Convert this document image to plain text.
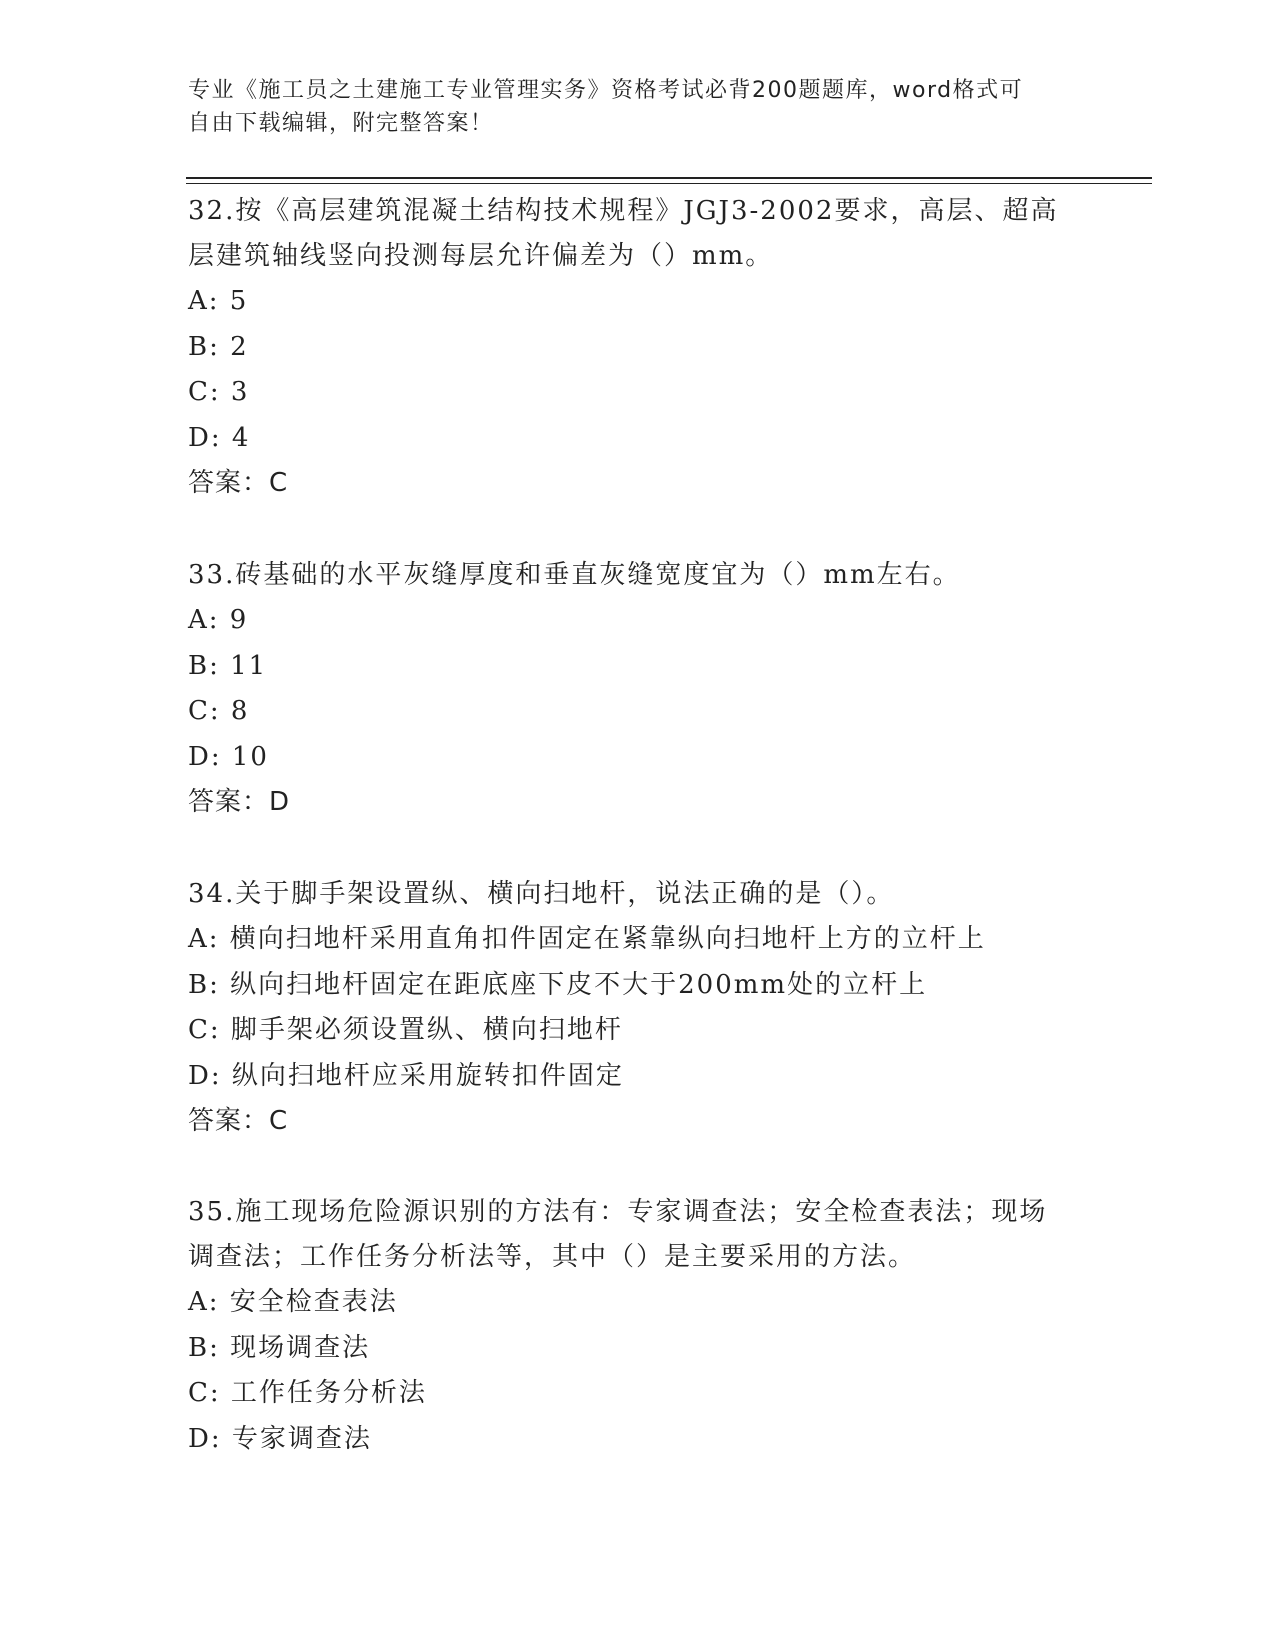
专业《施工员之土建施工专业管理实务》资格考试必背200题题库，word格式可
自由下载编辑，附完整答案！

32.按《高层建筑混凝土结构技术规程》JGJ3-2002要求，高层、超高

层建筑轴线竖向投测每层允许偏差为（）mm。

A: 5

B: 2

C: 3

D: 4

答案：C

33.砖基础的水平灰缝厚度和垂直灰缝宽度宜为（）mm左右。

A: 9

B: 11

C: 8

D: 10

答案：D

34.关于脚手架设置纵、横向扫地杆，说法正确的是（）。

A: 横向扫地杆采用直角扣件固定在紧靠纵向扫地杆上方的立杆上

B: 纵向扫地杆固定在距底座下皮不大于200mm处的立杆上

C: 脚手架必须设置纵、横向扫地杆

D: 纵向扫地杆应采用旋转扣件固定

答案：C

35.施工现场危险源识别的方法有：专家调查法；安全检查表法；现场

调查法；工作任务分析法等，其中（）是主要采用的方法。

A: 安全检查表法

B: 现场调查法

C: 工作任务分析法

D: 专家调查法
